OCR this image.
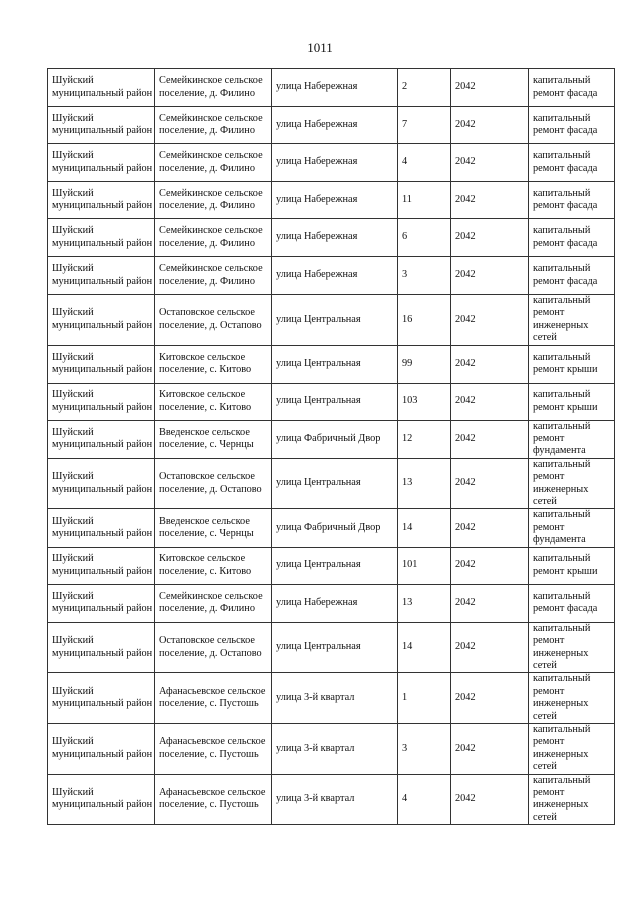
1011
Шуйский муниципальный район	Семейкинское сельское поселение, д. Филино	улица Набережная	2	2042	капитальный ремонт фасада
Шуйский муниципальный район	Семейкинское сельское поселение, д. Филино	улица Набережная	7	2042	капитальный ремонт фасада
Шуйский муниципальный район	Семейкинское сельское поселение, д. Филино	улица Набережная	4	2042	капитальный ремонт фасада
Шуйский муниципальный район	Семейкинское сельское поселение, д. Филино	улица Набережная	11	2042	капитальный ремонт фасада
Шуйский муниципальный район	Семейкинское сельское поселение, д. Филино	улица Набережная	6	2042	капитальный ремонт фасада
Шуйский муниципальный район	Семейкинское сельское поселение, д. Филино	улица Набережная	3	2042	капитальный ремонт фасада
Шуйский муниципальный район	Остаповское сельское поселение, д. Остапово	улица Центральная	16	2042	капитальный ремонт инженерных сетей
Шуйский муниципальный район	Китовское сельское поселение, с. Китово	улица Центральная	99	2042	капитальный ремонт крыши
Шуйский муниципальный район	Китовское сельское поселение, с. Китово	улица Центральная	103	2042	капитальный ремонт крыши
Шуйский муниципальный район	Введенское сельское поселение, с. Чернцы	улица Фабричный Двор	12	2042	капитальный ремонт фундамента
Шуйский муниципальный район	Остаповское сельское поселение, д. Остапово	улица Центральная	13	2042	капитальный ремонт инженерных сетей
Шуйский муниципальный район	Введенское сельское поселение, с. Чернцы	улица Фабричный Двор	14	2042	капитальный ремонт фундамента
Шуйский муниципальный район	Китовское сельское поселение, с. Китово	улица Центральная	101	2042	капитальный ремонт крыши
Шуйский муниципальный район	Семейкинское сельское поселение, д. Филино	улица Набережная	13	2042	капитальный ремонт фасада
Шуйский муниципальный район	Остаповское сельское поселение, д. Остапово	улица Центральная	14	2042	капитальный ремонт инженерных сетей
Шуйский муниципальный район	Афанасьевское сельское поселение, с. Пустошь	улица 3-й квартал	1	2042	капитальный ремонт инженерных сетей
Шуйский муниципальный район	Афанасьевское сельское поселение, с. Пустошь	улица 3-й квартал	3	2042	капитальный ремонт инженерных сетей
Шуйский муниципальный район	Афанасьевское сельское поселение, с. Пустошь	улица 3-й квартал	4	2042	капитальный ремонт инженерных сетей
